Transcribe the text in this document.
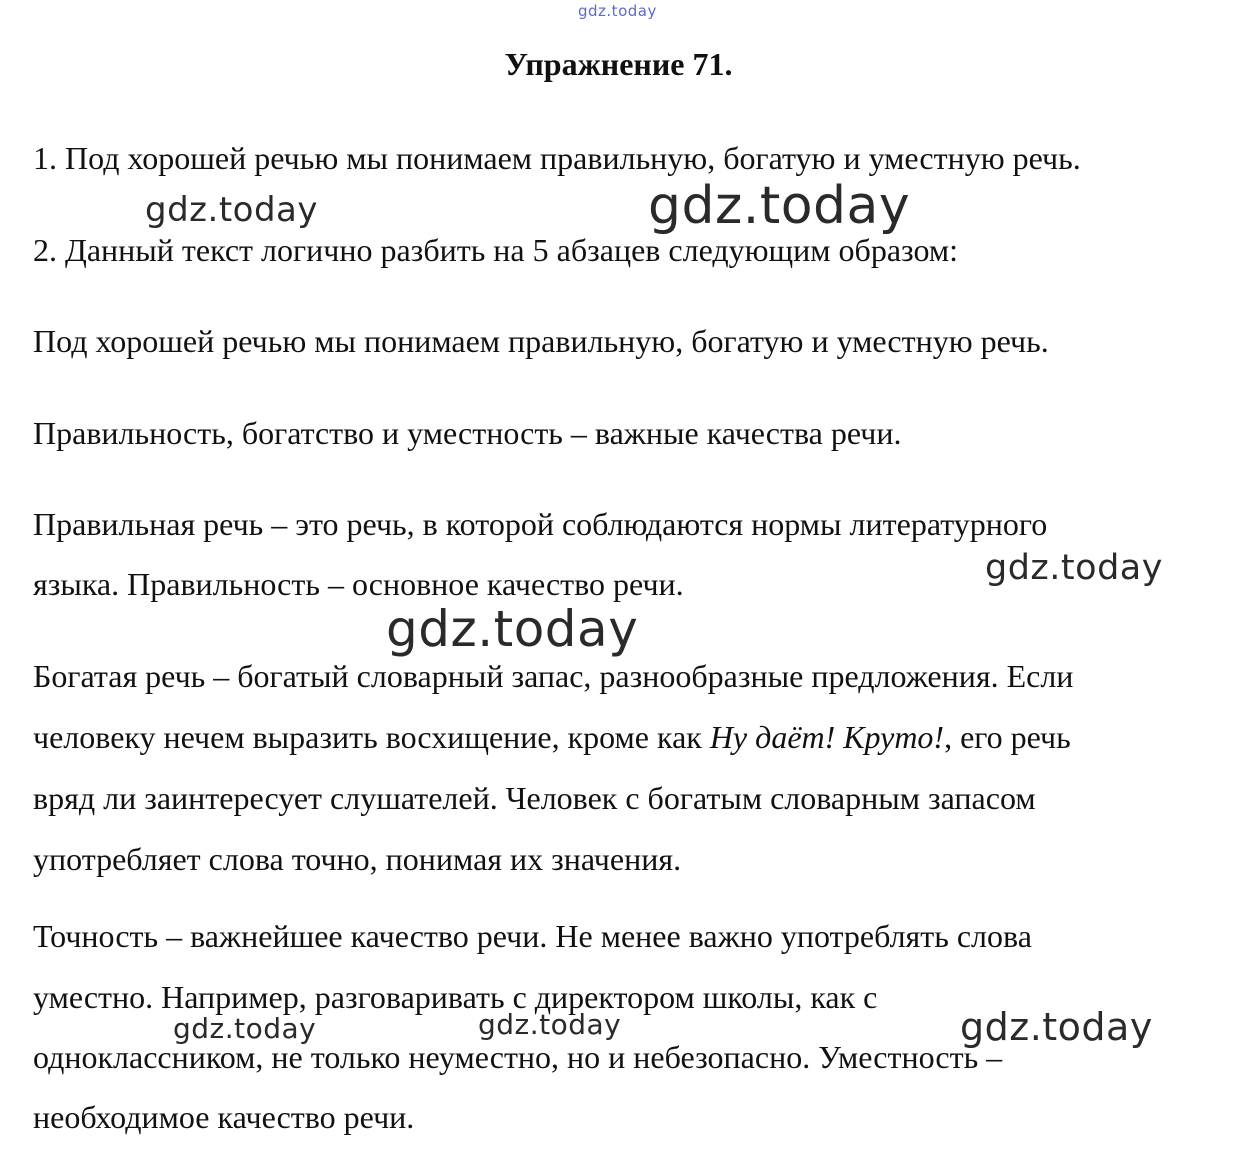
gdz.today
gdz.today	gdz.today
gdz.today
gdz.today
gdz.today	gdz.today	gdz.today
Упражнение 71.
1. Под хорошей речью мы понимаем правильную, богатую и уместную речь.
2. Данный текст логично разбить на 5 абзацев следующим образом:
Под хорошей речью мы понимаем правильную, богатую и уместную речь.
Правильность, богатство и уместность – важные качества речи.
Правильная речь – это речь, в которой соблюдаются нормы литературного
языка. Правильность – основное качество речи.
Богатая речь – богатый словарный запас, разнообразные предложения. Если
человеку нечем выразить восхищение, кроме как Ну даёт! Круто!, его речь
вряд ли заинтересует слушателей. Человек с богатым словарным запасом
употребляет слова точно, понимая их значения.
Точность – важнейшее качество речи. Не менее важно употреблять слова
уместно. Например, разговаривать с директором школы, как с
одноклассником, не только неуместно, но и небезопасно. Уместность –
необходимое качество речи.
